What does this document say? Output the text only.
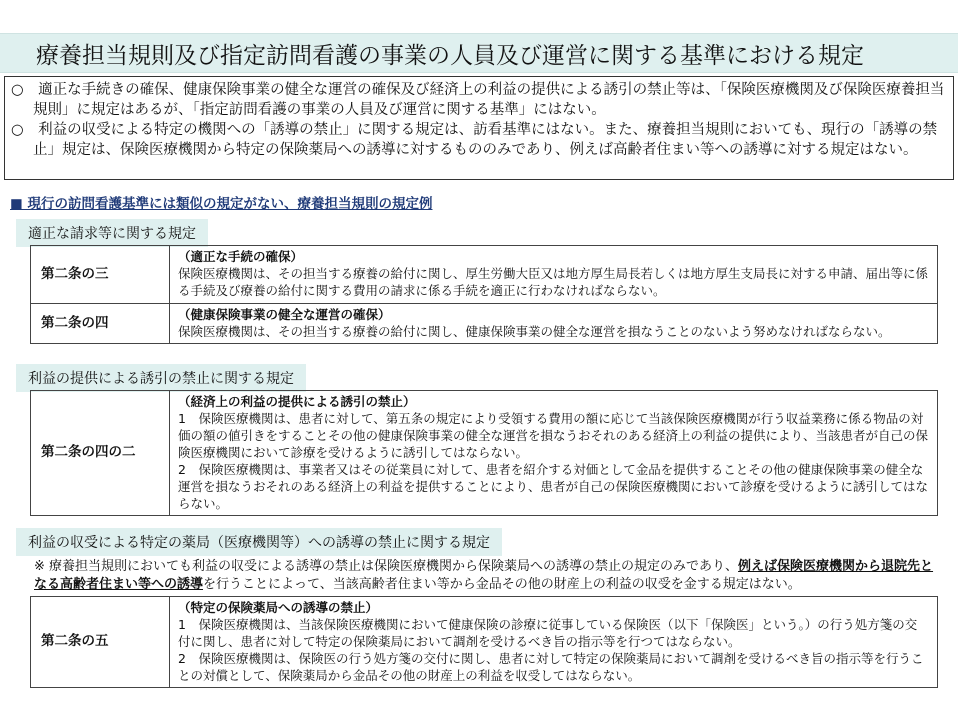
療養担当規則及び指定訪問看護の事業の人員及び運営に関する基準における規定

○　適正な手続きの確保、健康保険事業の健全な運営の確保及び経済上の利益の提供による誘引の禁止等は、「保険医療機関及び保険医療養担当規則」に規定はあるが、「指定訪問看護の事業の人員及び運営に関する基準」にはない。

○　利益の収受による特定の機関への「誘導の禁止」に関する規定は、訪看基準にはない。また、療養担当規則においても、現行の「誘導の禁止」規定は、保険医療機関から特定の保険薬局への誘導に対するもののみであり、例えば高齢者住まい等への誘導に対する規定はない。

■ 現行の訪問看護基準には類似の規定がない、療養担当規則の規定例
適正な請求等に関する規定
第二条の三	（適正な手続の確保）
保険医療機関は、その担当する療養の給付に関し、厚生労働大臣又は地方厚生局長若しくは地方厚生支局長に対する申請、届出等に係る手続及び療養の給付に関する費用の請求に係る手続を適正に行わなければならない。

第二条の四	（健康保険事業の健全な運営の確保）
保険医療機関は、その担当する療養の給付に関し、健康保険事業の健全な運営を損なうことのないよう努めなければならない。
利益の提供による誘引の禁止に関する規定
第二条の四の二	
（経済上の利益の提供による誘引の禁止）
1　保険医療機関は、患者に対して、第五条の規定により受領する費用の額に応じて当該保険医療機関が行う収益業務に係る物品の対価の額の値引きをすることその他の健康保険事業の健全な運営を損なうおそれのある経済上の利益の提供により、当該患者が自己の保険医療機関において診療を受けるように誘引してはならない。
2　保険医療機関は、事業者又はその従業員に対して、患者を紹介する対価として金品を提供することその他の健康保険事業の健全な運営を損なうおそれのある経済上の利益を提供することにより、患者が自己の保険医療機関において診療を受けるように誘引してはならない。
利益の収受による特定の薬局（医療機関等）への誘導の禁止に関する規定
※ 療養担当規則においても利益の収受による誘導の禁止は保険医療機関から保険薬局への誘導の禁止の規定のみであり、例えば保険医療機関から退院先となる高齢者住まい等への誘導を行うことによって、当該高齢者住まい等から金品その他の財産上の利益の収受を金する規定はない。
第二条の五	
（特定の保険薬局への誘導の禁止）
1　保険医療機関は、当該保険医療機関において健康保険の診療に従事している保険医（以下「保険医」という。）の行う処方箋の交付に関し、患者に対して特定の保険薬局において調剤を受けるべき旨の指示等を行つてはならない。
2　保険医療機関は、保険医の行う処方箋の交付に関し、患者に対して特定の保険薬局において調剤を受けるべき旨の指示等を行うことの対償として、保険薬局から金品その他の財産上の利益を収受してはならない。
